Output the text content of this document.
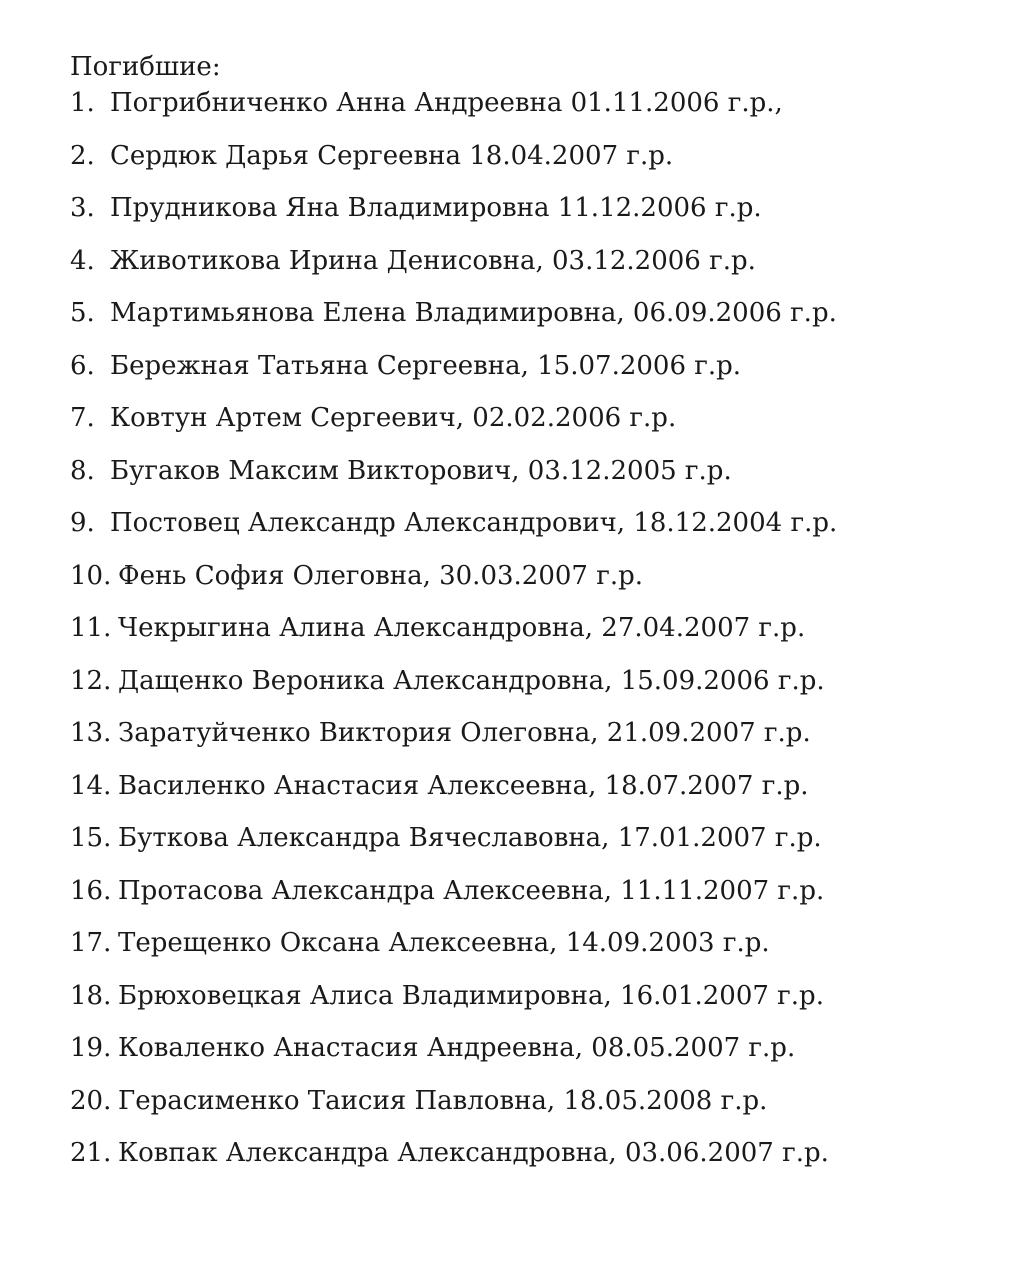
Погибшие:
1. Погрибниченко Анна Андреевна 01.11.2006 г.р.,
2. Сердюк Дарья Сергеевна 18.04.2007 г.р.
3. Прудникова Яна Владимировна 11.12.2006 г.р.
4. Животикова Ирина Денисовна, 03.12.2006 г.р.
5. Мартимьянова Елена Владимировна, 06.09.2006 г.р.
6. Бережная Татьяна Сергеевна, 15.07.2006 г.р.
7. Ковтун Артем Сергеевич, 02.02.2006 г.р.
8. Бугаков Максим Викторович, 03.12.2005 г.р.
9. Постовец Александр Александрович, 18.12.2004 г.р.
10. Фень София Олеговна, 30.03.2007 г.р.
11. Чекрыгина Алина Александровна, 27.04.2007 г.р.
12. Дащенко Вероника Александровна, 15.09.2006 г.р.
13. Заратуйченко Виктория Олеговна, 21.09.2007 г.р.
14. Василенко Анастасия Алексеевна, 18.07.2007 г.р.
15. Буткова Александра Вячеславовна, 17.01.2007 г.р.
16. Протасова Александра Алексеевна, 11.11.2007 г.р.
17. Терещенко Оксана Алексеевна, 14.09.2003 г.р.
18. Брюховецкая Алиса Владимировна, 16.01.2007 г.р.
19. Коваленко Анастасия Андреевна, 08.05.2007 г.р.
20. Герасименко Таисия Павловна, 18.05.2008 г.р.
21. Ковпак Александра Александровна, 03.06.2007 г.р.
